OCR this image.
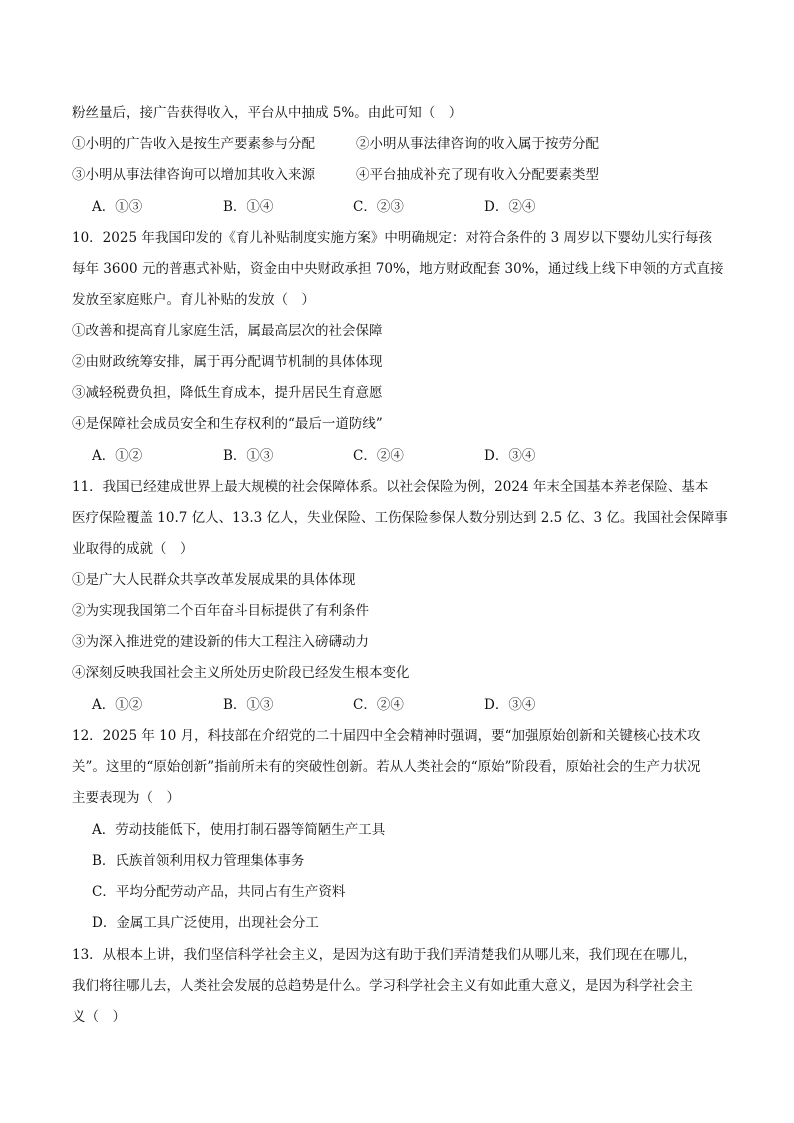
粉丝量后，接广告获得收入，平台从中抽成 5%。由此可知（　）
①小明的广告收入是按生产要素参与分配	②小明从事法律咨询的收入属于按劳分配
③小明从事法律咨询可以增加其收入来源	④平台抽成补充了现有收入分配要素类型
A．①③	B．①④	C．②③	D．②④
10．2025 年我国印发的《育儿补贴制度实施方案》中明确规定：对符合条件的 3 周岁以下婴幼儿实行每孩
每年 3600 元的普惠式补贴，资金由中央财政承担 70%，地方财政配套 30%，通过线上线下申领的方式直接
发放至家庭账户。育儿补贴的发放（　）
①改善和提高育儿家庭生活，属最高层次的社会保障
②由财政统筹安排，属于再分配调节机制的具体体现
③减轻税费负担，降低生育成本，提升居民生育意愿
④是保障社会成员安全和生存权利的“最后一道防线”
A．①②	B．①③	C．②④	D．③④
11．我国已经建成世界上最大规模的社会保障体系。以社会保险为例，2024 年末全国基本养老保险、基本
医疗保险覆盖 10.7 亿人、13.3 亿人，失业保险、工伤保险参保人数分别达到 2.5 亿、3 亿。我国社会保障事
业取得的成就（　）
①是广大人民群众共享改革发展成果的具体体现
②为实现我国第二个百年奋斗目标提供了有利条件
③为深入推进党的建设新的伟大工程注入磅礴动力
④深刻反映我国社会主义所处历史阶段已经发生根本变化
A．①②	B．①③	C．②④	D．③④
12．2025 年 10 月，科技部在介绍党的二十届四中全会精神时强调，要“加强原始创新和关键核心技术攻
关”。这里的“原始创新”指前所未有的突破性创新。若从人类社会的“原始”阶段看，原始社会的生产力状况
主要表现为（　）
A．劳动技能低下，使用打制石器等简陋生产工具
B．氏族首领利用权力管理集体事务
C．平均分配劳动产品，共同占有生产资料
D．金属工具广泛使用，出现社会分工
13．从根本上讲，我们坚信科学社会主义，是因为这有助于我们弄清楚我们从哪儿来，我们现在在哪儿，
我们将往哪儿去，人类社会发展的总趋势是什么。学习科学社会主义有如此重大意义，是因为科学社会主
义（　）
